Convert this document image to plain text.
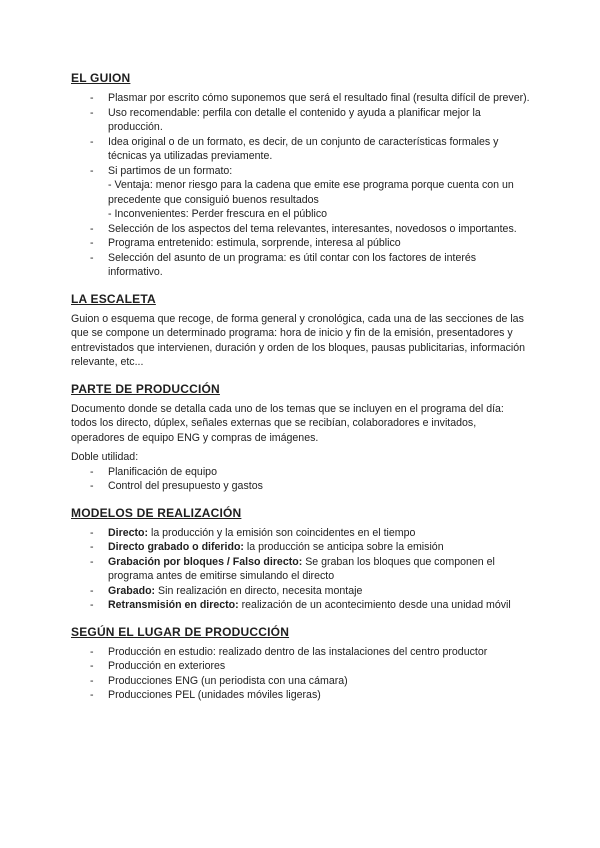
EL GUION
- Plasmar por escrito cómo suponemos que será el resultado final (resulta difícil de prever).
- Uso recomendable: perfila con detalle el contenido y ayuda a planificar mejor la producción.
- Idea original o de un formato, es decir, de un conjunto de características formales y técnicas ya utilizadas previamente.
- Si partimos de un formato:
- Ventaja: menor riesgo para la cadena que emite ese programa porque cuenta con un precedente que consiguió buenos resultados
- Inconvenientes: Perder frescura en el público
- Selección de los aspectos del tema relevantes, interesantes, novedosos o importantes.
- Programa entretenido: estimula, sorprende, interesa al público
- Selección del asunto de un programa: es útil contar con los factores de interés informativo.
LA ESCALETA

Guion o esquema que recoge, de forma general y cronológica, cada una de las secciones de las que se compone un determinado programa: hora de inicio y fin de la emisión, presentadores y entrevistados que intervienen, duración y orden de los bloques, pausas publicitarias, información relevante, etc...

PARTE DE PRODUCCIÓN

Documento donde se detalla cada uno de los temas que se incluyen en el programa del día: todos los directo, dúplex, señales externas que se recibían, colaboradores e invitados, operadores de equipo ENG y compras de imágenes.

Doble utilidad:

- Planificación de equipo
- Control del presupuesto y gastos
MODELOS DE REALIZACIÓN
- Directo: la producción y la emisión son coincidentes en el tiempo
- Directo grabado o diferido: la producción se anticipa sobre la emisión
- Grabación por bloques / Falso directo: Se graban los bloques que componen el programa antes de emitirse simulando el directo
- Grabado: Sin realización en directo, necesita montaje
- Retransmisión en directo: realización de un acontecimiento desde una unidad móvil
SEGÚN EL LUGAR DE PRODUCCIÓN
- Producción en estudio: realizado dentro de las instalaciones del centro productor
- Producción en exteriores
- Producciones ENG (un periodista con una cámara)
- Producciones PEL (unidades móviles ligeras)
